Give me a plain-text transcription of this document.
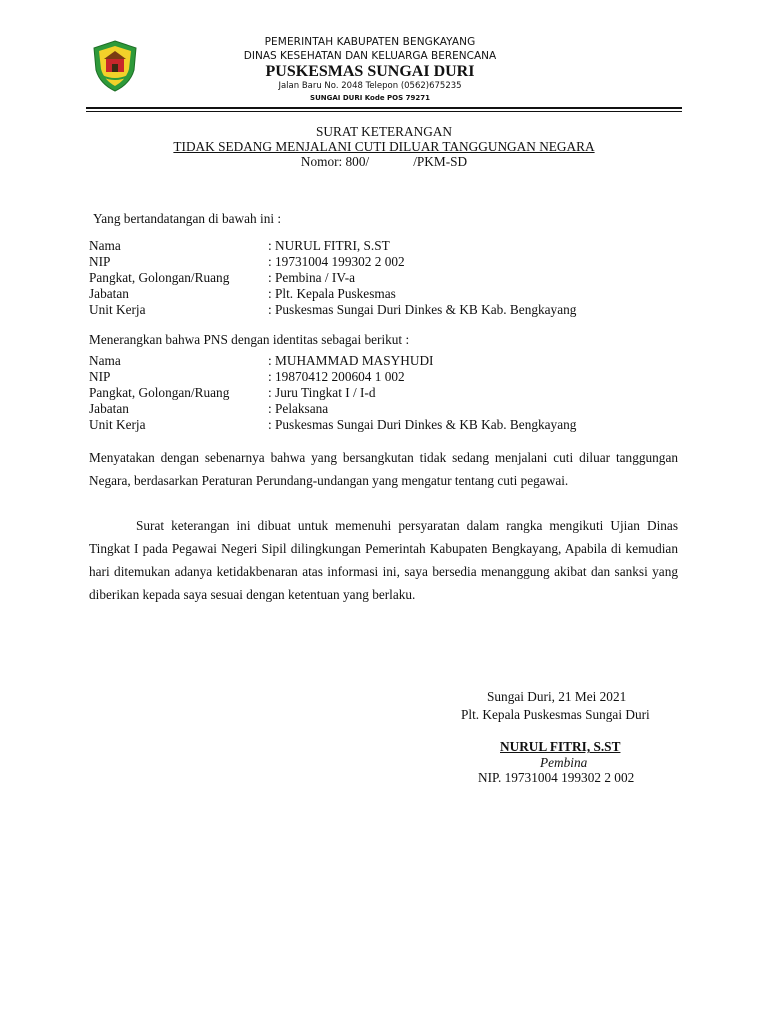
PEMERINTAH KABUPATEN BENGKAYANG
DINAS KESEHATAN DAN KELUARGA BERENCANA
PUSKESMAS SUNGAI DURI
Jalan Baru No. 2048 Telepon (0562)675235
SUNGAI DURI Kode POS 79271
SURAT KETERANGAN
TIDAK SEDANG MENJALANI CUTI DILUAR TANGGUNGAN NEGARA
Nomor: 800/	/PKM-SD
Yang bertandatangan di bawah ini :
Nama	: NURUL FITRI, S.ST
NIP	: 19731004 199302 2 002
Pangkat, Golongan/Ruang	: Pembina / IV-a
Jabatan	: Plt. Kepala Puskesmas
Unit Kerja	: Puskesmas Sungai Duri Dinkes & KB Kab. Bengkayang
Menerangkan bahwa PNS dengan identitas sebagai berikut :
Nama	: MUHAMMAD MASYHUDI
NIP	: 19870412 200604 1 002
Pangkat, Golongan/Ruang	: Juru Tingkat I / I-d
Jabatan	: Pelaksana
Unit Kerja	: Puskesmas Sungai Duri Dinkes & KB Kab. Bengkayang
Menyatakan dengan sebenarnya bahwa yang bersangkutan tidak sedang menjalani cuti diluar tanggungan Negara, berdasarkan Peraturan Perundang-undangan yang mengatur tentang cuti pegawai.
Surat keterangan ini dibuat untuk memenuhi persyaratan dalam rangka mengikuti Ujian Dinas Tingkat I pada Pegawai Negeri Sipil dilingkungan Pemerintah Kabupaten Bengkayang, Apabila di kemudian hari ditemukan adanya ketidakbenaran atas informasi ini, saya bersedia menanggung akibat dan sanksi yang diberikan kepada saya sesuai dengan ketentuan yang berlaku.
Sungai Duri, 21 Mei 2021
Plt. Kepala Puskesmas Sungai Duri
NURUL FITRI, S.ST
Pembina
NIP. 19731004 199302 2 002
